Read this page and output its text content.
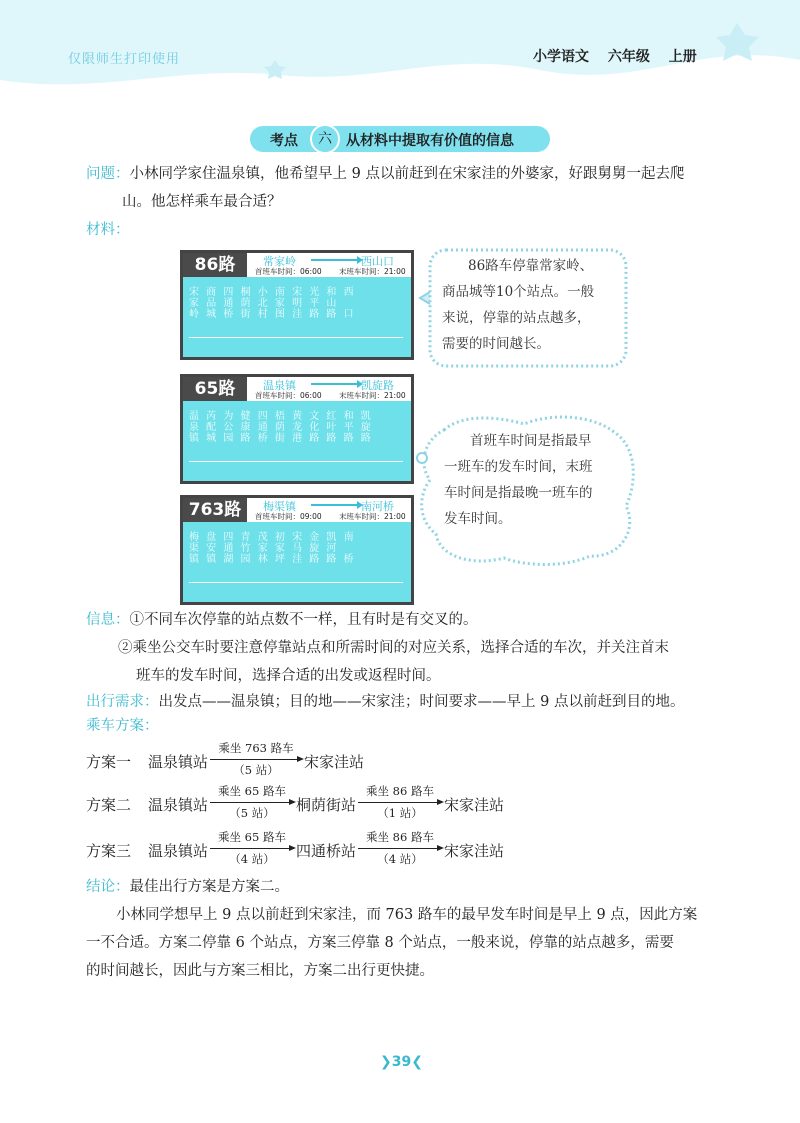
仅限师生打印使用	小学语文 六年级 上册
考点	六	从材料中提取有价值的信息
问题：小林同学家住温泉镇，他希望早上 9 点以前赶到在宋家洼的外婆家，好跟舅舅一起去爬
山。他怎样乘车最合适？
材料：
86路	常家岭	西山口
首班车时间：06:00 末班车时间：21:00
宋 商 四 桐 小 南 宋 光 和 西
家 品 通 荫 北 家 明 平 山
岭 城 桥 街 村 图 洼 路 路 口
65路	温泉镇	凯旋路
首班车时间：06:00 末班车时间：21:00
温 芮 为 健 四 梧 黄 文 红 和 凯
泉 配 公 康 通 荫 龙 化 叶 平 旋
镇 城 园 路 桥 街 港 路 路 路 路
763路	梅渠镇	南河桥
首班车时间：09:00 末班车时间：21:00
梅 盘 四 青 茂 初 宋 金 凯 南
渠 安 通 竹 家 家 马 旋 河
镇 镇 湖 园 林 坪 洼 路 路 桥
86路车停靠常家岭、
商品城等10个站点。一般
来说，停靠的站点越多，
需要的时间越长。
首班车时间是指最早
一班车的发车时间，末班
车时间是指最晚一班车的
发车时间。
信息：①不同车次停靠的站点数不一样，且有时是有交叉的。
②乘坐公交车时要注意停靠站点和所需时间的对应关系，选择合适的车次，并关注首末
班车的发车时间，选择合适的出发或返程时间。
出行需求：出发点——温泉镇；目的地——宋家洼；时间要求——早上 9 点以前赶到目的地。
乘车方案：
方案一 温泉镇站
乘坐 763 路车
（5 站）	宋家洼站
方案二 温泉镇站
乘坐 65 路车
（5 站）	桐荫街站
乘坐 86 路车
（1 站）	宋家洼站
方案三 温泉镇站
乘坐 65 路车
（4 站）	四通桥站
乘坐 86 路车
（4 站）	宋家洼站
结论：最佳出行方案是方案二。
小林同学想早上 9 点以前赶到宋家洼，而 763 路车的最早发车时间是早上 9 点，因此方案
一不合适。方案二停靠 6 个站点，方案三停靠 8 个站点，一般来说，停靠的站点越多，需要
的时间越长，因此与方案三相比，方案二出行更快捷。
❯39❮
